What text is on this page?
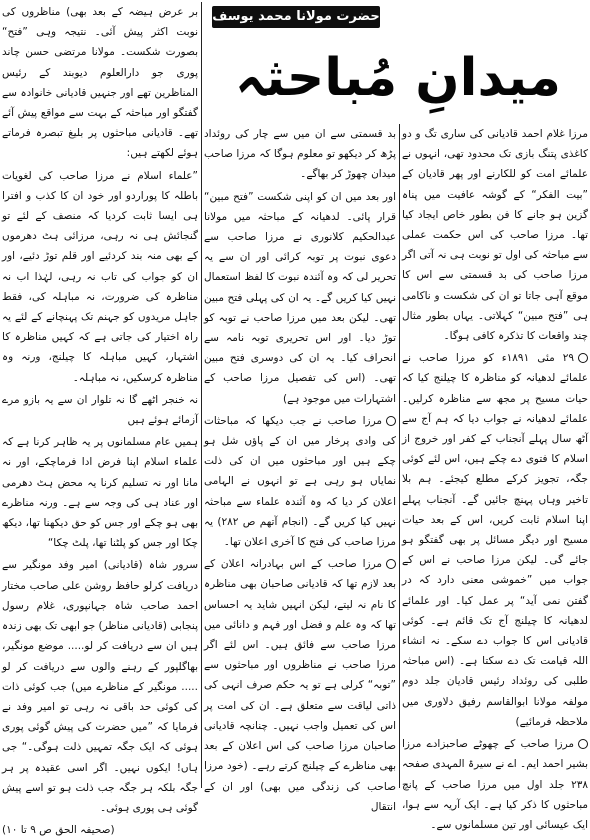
حضرت مولانا محمد یوسف لدھیانوی
میدانِ مُباحثہ

مرزا غلام احمد قادیانی کی ساری تگ و دو کاغذی پتنگ بازی تک محدود تھی، انہوں نے علمائے امت کو للکارنے اور پھر قادیان کے ”بیت الفکر“ کے گوشہ عافیت میں پناہ گزین ہو جانے کا فن بطور خاص ایجاد کیا تھا۔ مرزا صاحب کی اس حکمت عملی سے مباحثہ کی اول تو نوبت ہی نہ آتی اگر مرزا صاحب کی بد قسمتی سے اس کا موقع آہی جاتا تو ان کی شکست و ناکامی ہی ”فتح مبین“ کہلاتی۔ یہاں بطور مثال چند واقعات کا تذکرہ کافی ہوگا۔

۲۹ مئی ۱۸۹۱ء کو مرزا صاحب نے علمائے لدھیانہ کو مناظرہ کا چیلنج کیا کہ حیات مسیح پر مجھ سے مناظرہ کرلیں۔ علمائے لدھیانہ نے جواب دیا کہ ہم آج سے آٹھ سال پہلے آنجناب کے کفر اور خروج از اسلام کا فتوی دے چکے ہیں، اس لئے کوئی جگہ، تجویز کرکے مطلع کیجئے۔ ہم بلا تاخیر وہاں پہنچ جائیں گے۔ آنجناب پہلے اپنا اسلام ثابت کریں، اس کے بعد حیات مسیح اور دیگر مسائل پر بھی گفتگو ہو جائے گی۔ لیکن مرزا صاحب نے اس کے جواب میں ”خموشی معنی دارد کہ در گفتن نمی آید“ پر عمل کیا۔ اور علمائے لدھیانہ کا چیلنج آج تک قائم ہے۔ کوئی قادیانی اس کا جواب دے سکے۔ نہ انشاء اللہ قیامت تک دے سکتا ہے۔ (اس مباحثہ طلبی کی روئداد رئیس قادیان جلد دوم مولفہ مولانا ابوالقاسم رفیق دلاوری میں ملاحظہ فرمائیے)

مرزا صاحب کے چھوٹے صاحبزادے مرزا بشیر احمد ایم۔ اے نے سیرۃ المہدی صفحہ ۲۳۸ جلد اول میں مرزا صاحب کے پانچ مباحثوں کا ذکر کیا ہے۔ ایک آریہ سے ہوا، ایک عیسائی اور تین مسلمانوں سے۔

بد قسمتی سے ان میں سے چار کی روئداد پڑھ کر دیکھو تو معلوم ہوگا کہ مرزا صاحب میدان چھوڑ کر بھاگے۔

اور بعد میں ان کو اپنی شکست ”فتح مبین“ قرار پائی۔ لدھیانہ کے مباحثہ میں مولانا عبدالحکیم کلانوری نے مرزا صاحب سے دعوی نبوت پر توبہ کرائی اور ان سے یہ تحریر لی کہ وہ آئندہ نبوت کا لفظ استعمال نہیں کیا کریں گے۔ یہ ان کی پہلی فتح مبین تھی۔ لیکن بعد میں مرزا صاحب نے توبہ کو توڑ دیا۔ اور اس تحریری توبہ نامہ سے انحراف کیا۔ یہ ان کی دوسری فتح مبین تھی۔ (اس کی تفصیل مرزا صاحب کے اشتہارات میں موجود ہے)

مرزا صاحب نے جب دیکھا کہ مباحثات کی وادی پرخار میں ان کے پاؤں شل ہو چکے ہیں اور مباحثوں میں ان کی ذلت نمایاں ہو رہی ہے تو انہوں نے الہامی اعلان کر دیا کہ وہ آئندہ علماء سے مباحثہ نہیں کیا کریں گے۔ (انجام آتھم ص ۲۸۲) یہ مرزا صاحب کی فتح کا آخری اعلان تھا۔

مرزا صاحب کے اس بہادرانہ اعلان کے بعد لازم تھا کہ قادیانی صاحبان بھی مناظرہ کا نام نہ لیتے، لیکن انہیں شاید یہ احساس تھا کہ وہ علم و فضل اور فہم و دانائی میں مرزا صاحب سے فائق ہیں۔ اس لئے اگر مرزا صاحب نے مناظروں اور مباحثوں سے ”توبہ“ کرلی ہے تو یہ حکم صرف انہی کی ذاتی لیاقت سے متعلق ہے۔ ان کی امت پر اس کی تعمیل واجب نہیں۔ چنانچہ قادیانی صاحبان مرزا صاحب کی اس اعلان کے بعد بھی مناظرے کے چیلنج کرتے رہے۔ (خود مرزا صاحب کی زندگی میں بھی) اور ان کے انتقال

بر عرض ہیضہ کے بعد بھی) مناظروں کی نوبت اکثر پیش آئی۔ نتیجہ وہی ”فتح“ بصورت شکست۔ مولانا مرتضی حسن چاند پوری جو دارالعلوم دیوبند کے رئیس المناظرین تھے اور جنہیں قادیانی خانوادہ سے گفتگو اور مباحثہ کے بہت سے مواقع پیش آئے تھے۔ قادیانی مباحثوں پر بلیغ تبصرہ فرماتے ہوئے لکھتے ہیں:

”علماء اسلام نے مرزا صاحب کی لغویات باطلہ کا پوراردو اور خود ان کا کذب و افترا ہی ایسا ثابت کردیا کہ منصف کے لئے تو گنجائش ہی نہ رہی، مرزائی ہٹ دھرموں کے بھی منہ بند کردئیے اور قلم توڑ دئیے، اور ان کو جواب کی تاب نہ رہی، لہٰذا اب نہ مناظرہ کی ضرورت، نہ مباہلہ کی، فقط جاہل مریدوں کو جہنم تک پہنچانے کے لئے یہ راہ اختیار کی جاتی ہے کہ کہیں مناظرہ کا اشتہار، کہیں مباہلہ کا چیلنج، ورنہ وہ مناظرہ کرسکیں، نہ مباہلہ۔

نہ خنجر اٹھے گا نہ تلوار ان سے یہ بازو مرے آزمائے ہوئے ہیں

ہمیں عام مسلمانوں پر یہ ظاہر کرنا ہے کہ علماء اسلام اپنا فرض ادا فرماچکے، اور نہ مانا اور نہ تسلیم کرنا یہ محض ہٹ دھرمی اور عناد ہی کی وجہ سے ہے۔ ورنہ مناظرے بھی ہو چکے اور جس کو حق دیکھنا تھا، دیکھ چکا اور جس کو پلٹنا تھا، پلٹ چکا“

سرور شاہ (قادیانی) امیر وفد مونگیر سے دریافت کرلو حافظ روشن علی صاحب مختار احمد صاحب شاہ جہانپوری، غلام رسول پنجابی (قادیانی مناظر) جو ابھی تک بھی زندہ ہیں ان سے دریافت کر لو..... موضع مونگیر، بھاگلپور کے رہنے والوں سے دریافت کر لو ..... مونگیر کے مناظرے میں) جب کوئی ذات کی کوئی حد باقی نہ رہی تو امیر وفد نے فرمایا کہ ”میں حضرت کی پیش گوئی پوری ہوئی کہ ایک جگہ تمہیں ذلت ہوگی۔“ جی ہاں! ایکوں نہیں۔ اگر اسی عقیدہ پر ہر جگہ بلکہ ہر جگہ جب ذلت ہو تو اسے پیش گوئی ہی پوری ہوئی۔

(صحیفہ الحق ص ۹ تا ۱۰)
